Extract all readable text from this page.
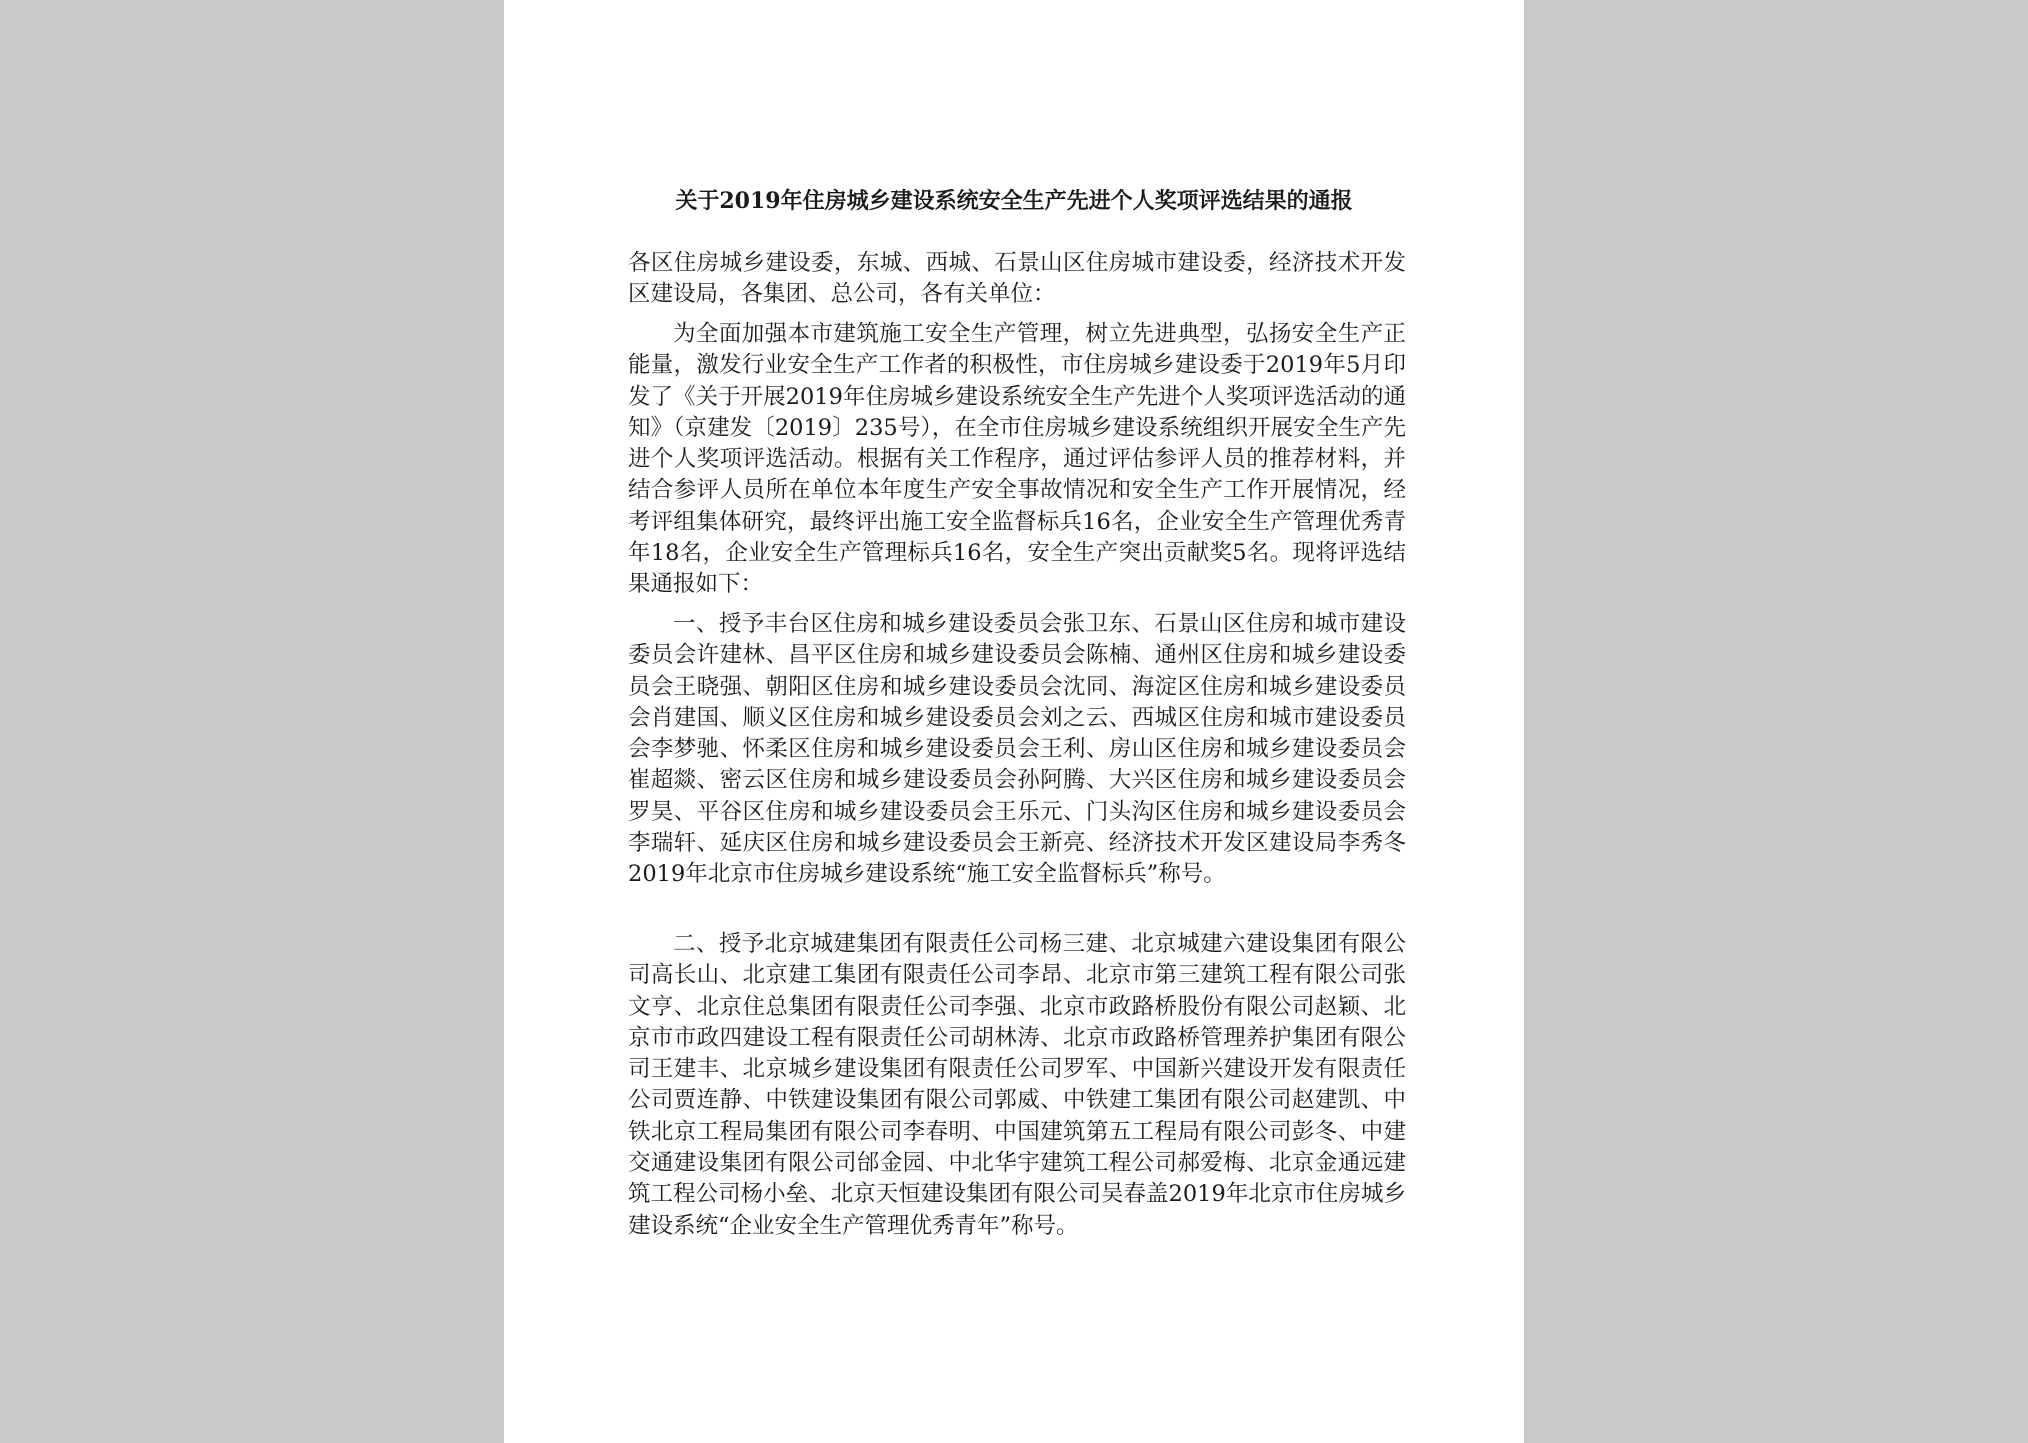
关于2019年住房城乡建设系统安全生产先进个人奖项评选结果的通报

各区住房城乡建设委，东城、西城、石景山区住房城市建设委，经济技术开发区建设局，各集团、总公司，各有关单位：

为全面加强本市建筑施工安全生产管理，树立先进典型，弘扬安全生产正能量，激发行业安全生产工作者的积极性，市住房城乡建设委于2019年5月印发了《关于开展2019年住房城乡建设系统安全生产先进个人奖项评选活动的通知》（京建发〔2019〕235号），在全市住房城乡建设系统组织开展安全生产先进个人奖项评选活动。根据有关工作程序，通过评估参评人员的推荐材料，并结合参评人员所在单位本年度生产安全事故情况和安全生产工作开展情况，经考评组集体研究，最终评出施工安全监督标兵16名，企业安全生产管理优秀青年18名，企业安全生产管理标兵16名，安全生产突出贡献奖5名。现将评选结果通报如下：

一、授予丰台区住房和城乡建设委员会张卫东、石景山区住房和城市建设委员会许建林、昌平区住房和城乡建设委员会陈楠、通州区住房和城乡建设委员会王晓强、朝阳区住房和城乡建设委员会沈同、海淀区住房和城乡建设委员会肖建国、顺义区住房和城乡建设委员会刘之云、西城区住房和城市建设委员会李梦驰、怀柔区住房和城乡建设委员会王利、房山区住房和城乡建设委员会崔超燚、密云区住房和城乡建设委员会孙阿腾、大兴区住房和城乡建设委员会罗昊、平谷区住房和城乡建设委员会王乐元、门头沟区住房和城乡建设委员会李瑞轩、延庆区住房和城乡建设委员会王新亮、经济技术开发区建设局李秀冬2019年北京市住房城乡建设系统“施工安全监督标兵”称号。

二、授予北京城建集团有限责任公司杨三建、北京城建六建设集团有限公司高长山、北京建工集团有限责任公司李昂、北京市第三建筑工程有限公司张文亨、北京住总集团有限责任公司李强、北京市政路桥股份有限公司赵颖、北京市市政四建设工程有限责任公司胡林涛、北京市政路桥管理养护集团有限公司王建丰、北京城乡建设集团有限责任公司罗军、中国新兴建设开发有限责任公司贾连静、中铁建设集团有限公司郭威、中铁建工集团有限公司赵建凯、中铁北京工程局集团有限公司李春明、中国建筑第五工程局有限公司彭冬、中建交通建设集团有限公司邰金园、中北华宇建筑工程公司郝爱梅、北京金通远建筑工程公司杨小垒、北京天恒建设集团有限公司吴春盖2019年北京市住房城乡建设系统“企业安全生产管理优秀青年”称号。
